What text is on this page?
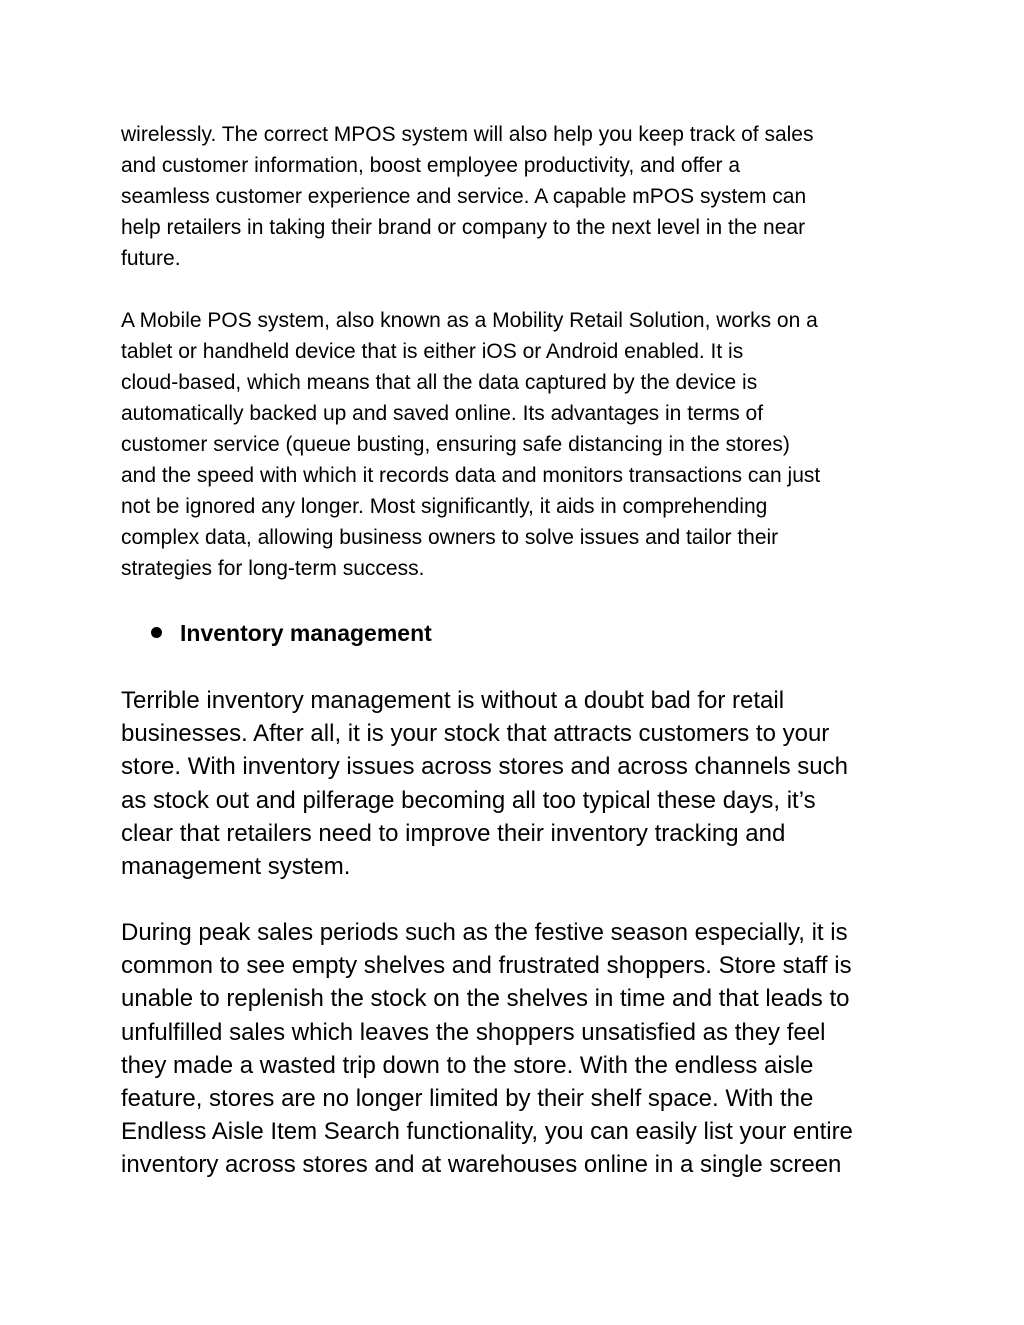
wirelessly. The correct MPOS system will also help you keep track of sales
and customer information, boost employee productivity, and offer a
seamless customer experience and service. A capable mPOS system can
help retailers in taking their brand or company to the next level in the near
future.

A Mobile POS system, also known as a Mobility Retail Solution, works on a
tablet or handheld device that is either iOS or Android enabled. It is
cloud-based, which means that all the data captured by the device is
automatically backed up and saved online. Its advantages in terms of
customer service (queue busting, ensuring safe distancing in the stores)
and the speed with which it records data and monitors transactions can just
not be ignored any longer. Most significantly, it aids in comprehending
complex data, allowing business owners to solve issues and tailor their
strategies for long-term success.

Inventory management

Terrible inventory management is without a doubt bad for retail
businesses. After all, it is your stock that attracts customers to your
store. With inventory issues across stores and across channels such
as stock out and pilferage becoming all too typical these days, it’s
clear that retailers need to improve their inventory tracking and
management system.

During peak sales periods such as the festive season especially, it is
common to see empty shelves and frustrated shoppers. Store staff is
unable to replenish the stock on the shelves in time and that leads to
unfulfilled sales which leaves the shoppers unsatisfied as they feel
they made a wasted trip down to the store. With the endless aisle
feature, stores are no longer limited by their shelf space. With the
Endless Aisle Item Search functionality, you can easily list your entire
inventory across stores and at warehouses online in a single screen
